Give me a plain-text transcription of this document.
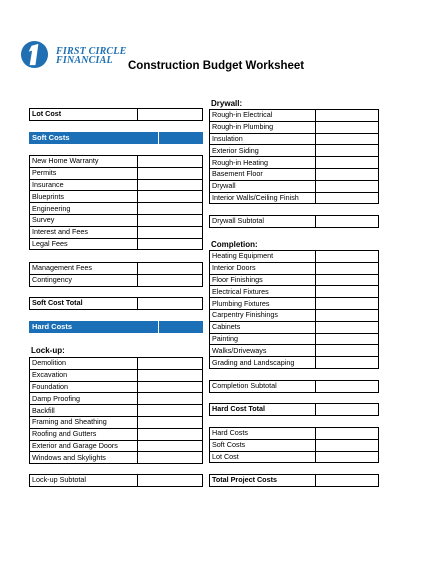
FIRST CIRCLE
FINANCIAL Construction Budget Worksheet
Lot Cost	
Soft Costs
New Home Warranty	
Permits	
Insurance	
Blueprints	
Engineering	
Survey	
Interest and Fees	
Legal Fees	
Management Fees	
Contingency	
Soft Cost Total	
Hard Costs
Lock-up:
Demolition	
Excavation	
Foundation	
Damp Proofing	
Backfill	
Framing and Sheathing	
Roofing and Gutters	
Exterior and Garage Doors	
Windows and Skylights	
Lock-up Subtotal	
Drywall:
Rough-in Electrical	
Rough-in Plumbing	
Insulation	
Exterior Siding	
Rough-in Heating	
Basement Floor	
Drywall	
Interior Walls/Ceiling Finish	
Drywall Subtotal	
Completion:
Heating Equipment	
Interior Doors	
Floor Finishings	
Electrical Fixtures	
Plumbing Fixtures	
Carpentry Finishings	
Cabinets	
Painting	
Walks/Driveways	
Grading and Landscaping	
Completion Subtotal	
Hard Cost Total	
Hard Costs	
Soft Costs	
Lot Cost	
Total Project Costs	
